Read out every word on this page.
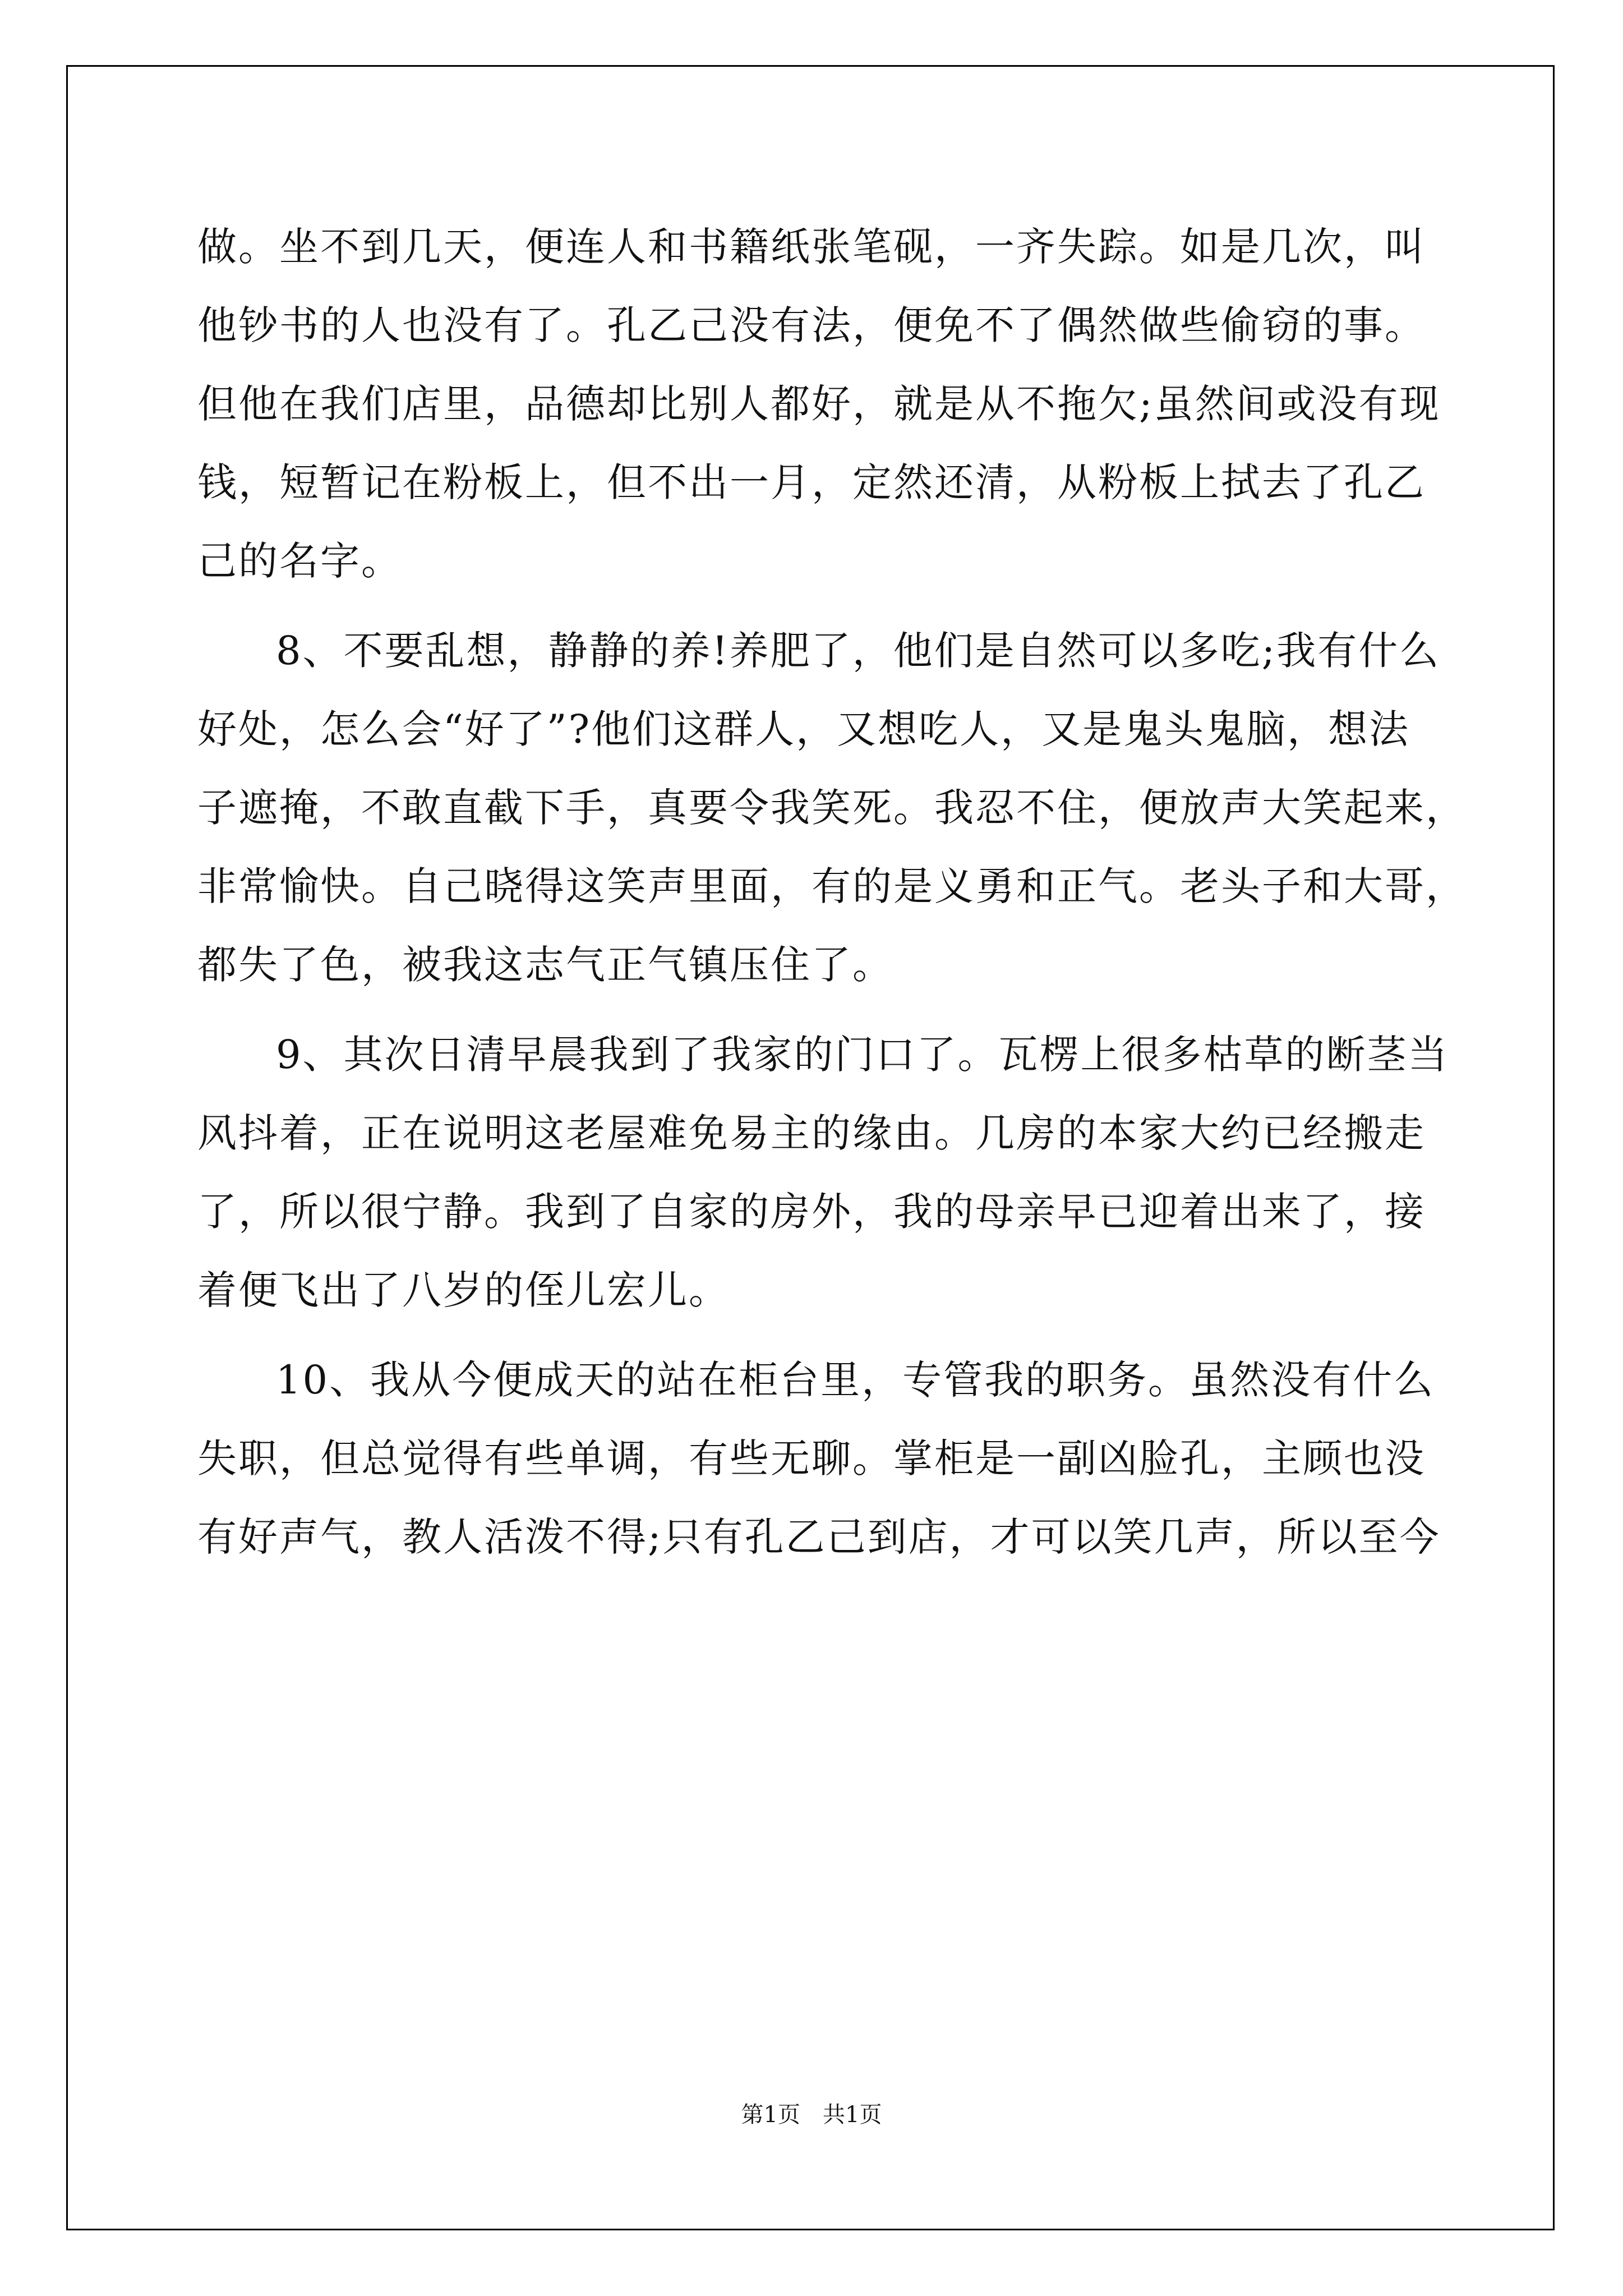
做。坐不到几天，便连人和书籍纸张笔砚，一齐失踪。如是几次，叫
他钞书的人也没有了。孔乙己没有法，便免不了偶然做些偷窃的事。
但他在我们店里，品德却比别人都好，就是从不拖欠;虽然间或没有现
钱，短暂记在粉板上，但不出一月，定然还清，从粉板上拭去了孔乙
己的名字。
8、不要乱想，静静的养!养肥了，他们是自然可以多吃;我有什么
好处，怎么会“好了”?他们这群人，又想吃人，又是鬼头鬼脑，想法
子遮掩，不敢直截下手，真要令我笑死。我忍不住，便放声大笑起来，
非常愉快。自己晓得这笑声里面，有的是义勇和正气。老头子和大哥，
都失了色，被我这志气正气镇压住了。
9、其次日清早晨我到了我家的门口了。瓦楞上很多枯草的断茎当
风抖着，正在说明这老屋难免易主的缘由。几房的本家大约已经搬走
了，所以很宁静。我到了自家的房外，我的母亲早已迎着出来了，接
着便飞出了八岁的侄儿宏儿。
10、我从今便成天的站在柜台里，专管我的职务。虽然没有什么
失职，但总觉得有些单调，有些无聊。掌柜是一副凶脸孔，主顾也没
有好声气，教人活泼不得;只有孔乙己到店，才可以笑几声，所以至今
第1页　共1页
